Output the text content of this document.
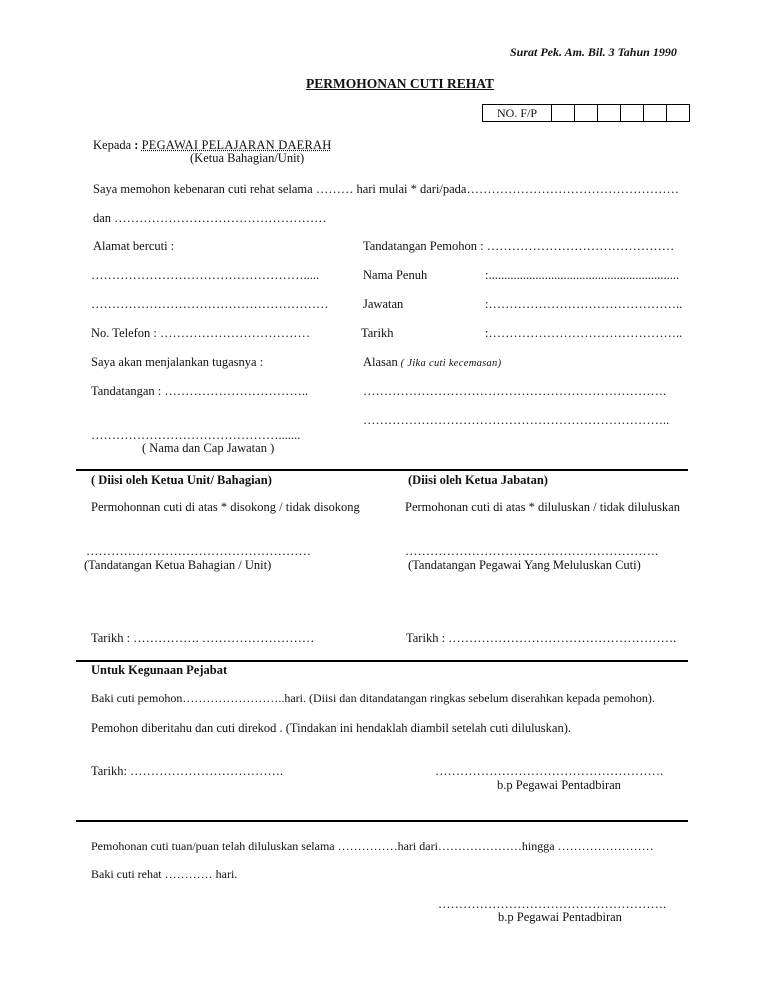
Surat Pek. Am. Bil. 3 Tahun 1990
PERMOHONAN CUTI REHAT
NO. F/P						
Kepada : PEGAWAI PELAJARAN DAERAH
(Ketua Bahagian/Unit)
Saya memohon kebenaran cuti rehat selama ……… hari mulai * dari/pada……………………………………………
dan ……………………………………………
Alamat bercuti :
…………………………………………….....
…………………………………………………
No. Telefon : ………………………………
Saya akan menjalankan tugasnya :
Tandatangan : ……………………………..
……………………………………….......
( Nama dan Cap Jawatan )
Tandatangan Pemohon : ………………………………………
Nama Penuh	:.............................................................
Jawatan	:………………………………………..
Tarikh	:………………………………………..
Alasan ( Jika cuti kecemasan)
……………………………………………………………….
………………………………………………………………..
( Diisi oleh Ketua Unit/ Bahagian)
Permohonnan cuti di atas * disokong / tidak disokong
………………………………………………
(Tandatangan Ketua Bahagian / Unit)
Tarikh : ……………. ………………………
(Diisi oleh Ketua Jabatan)
Permohonan cuti di atas * diluluskan / tidak diluluskan
…………………………………………………….
(Tandatangan Pegawai Yang Meluluskan Cuti)
Tarikh : ……………………………………………….
Untuk Kegunaan Pejabat
Baki cuti pemohon……………………..hari. (Diisi dan ditandatangan ringkas sebelum diserahkan kepada pemohon).
Pemohon diberitahu dan cuti direkod . (Tindakan ini hendaklah diambil setelah cuti diluluskan).
Tarikh: ……………………………….	……………………………………………….
b.p Pegawai Pentadbiran
Pemohonan cuti tuan/puan telah diluluskan selama ……………hari dari…………………hingga ……………………
Baki cuti rehat ………… hari.
……………………………………………….
b.p Pegawai Pentadbiran
